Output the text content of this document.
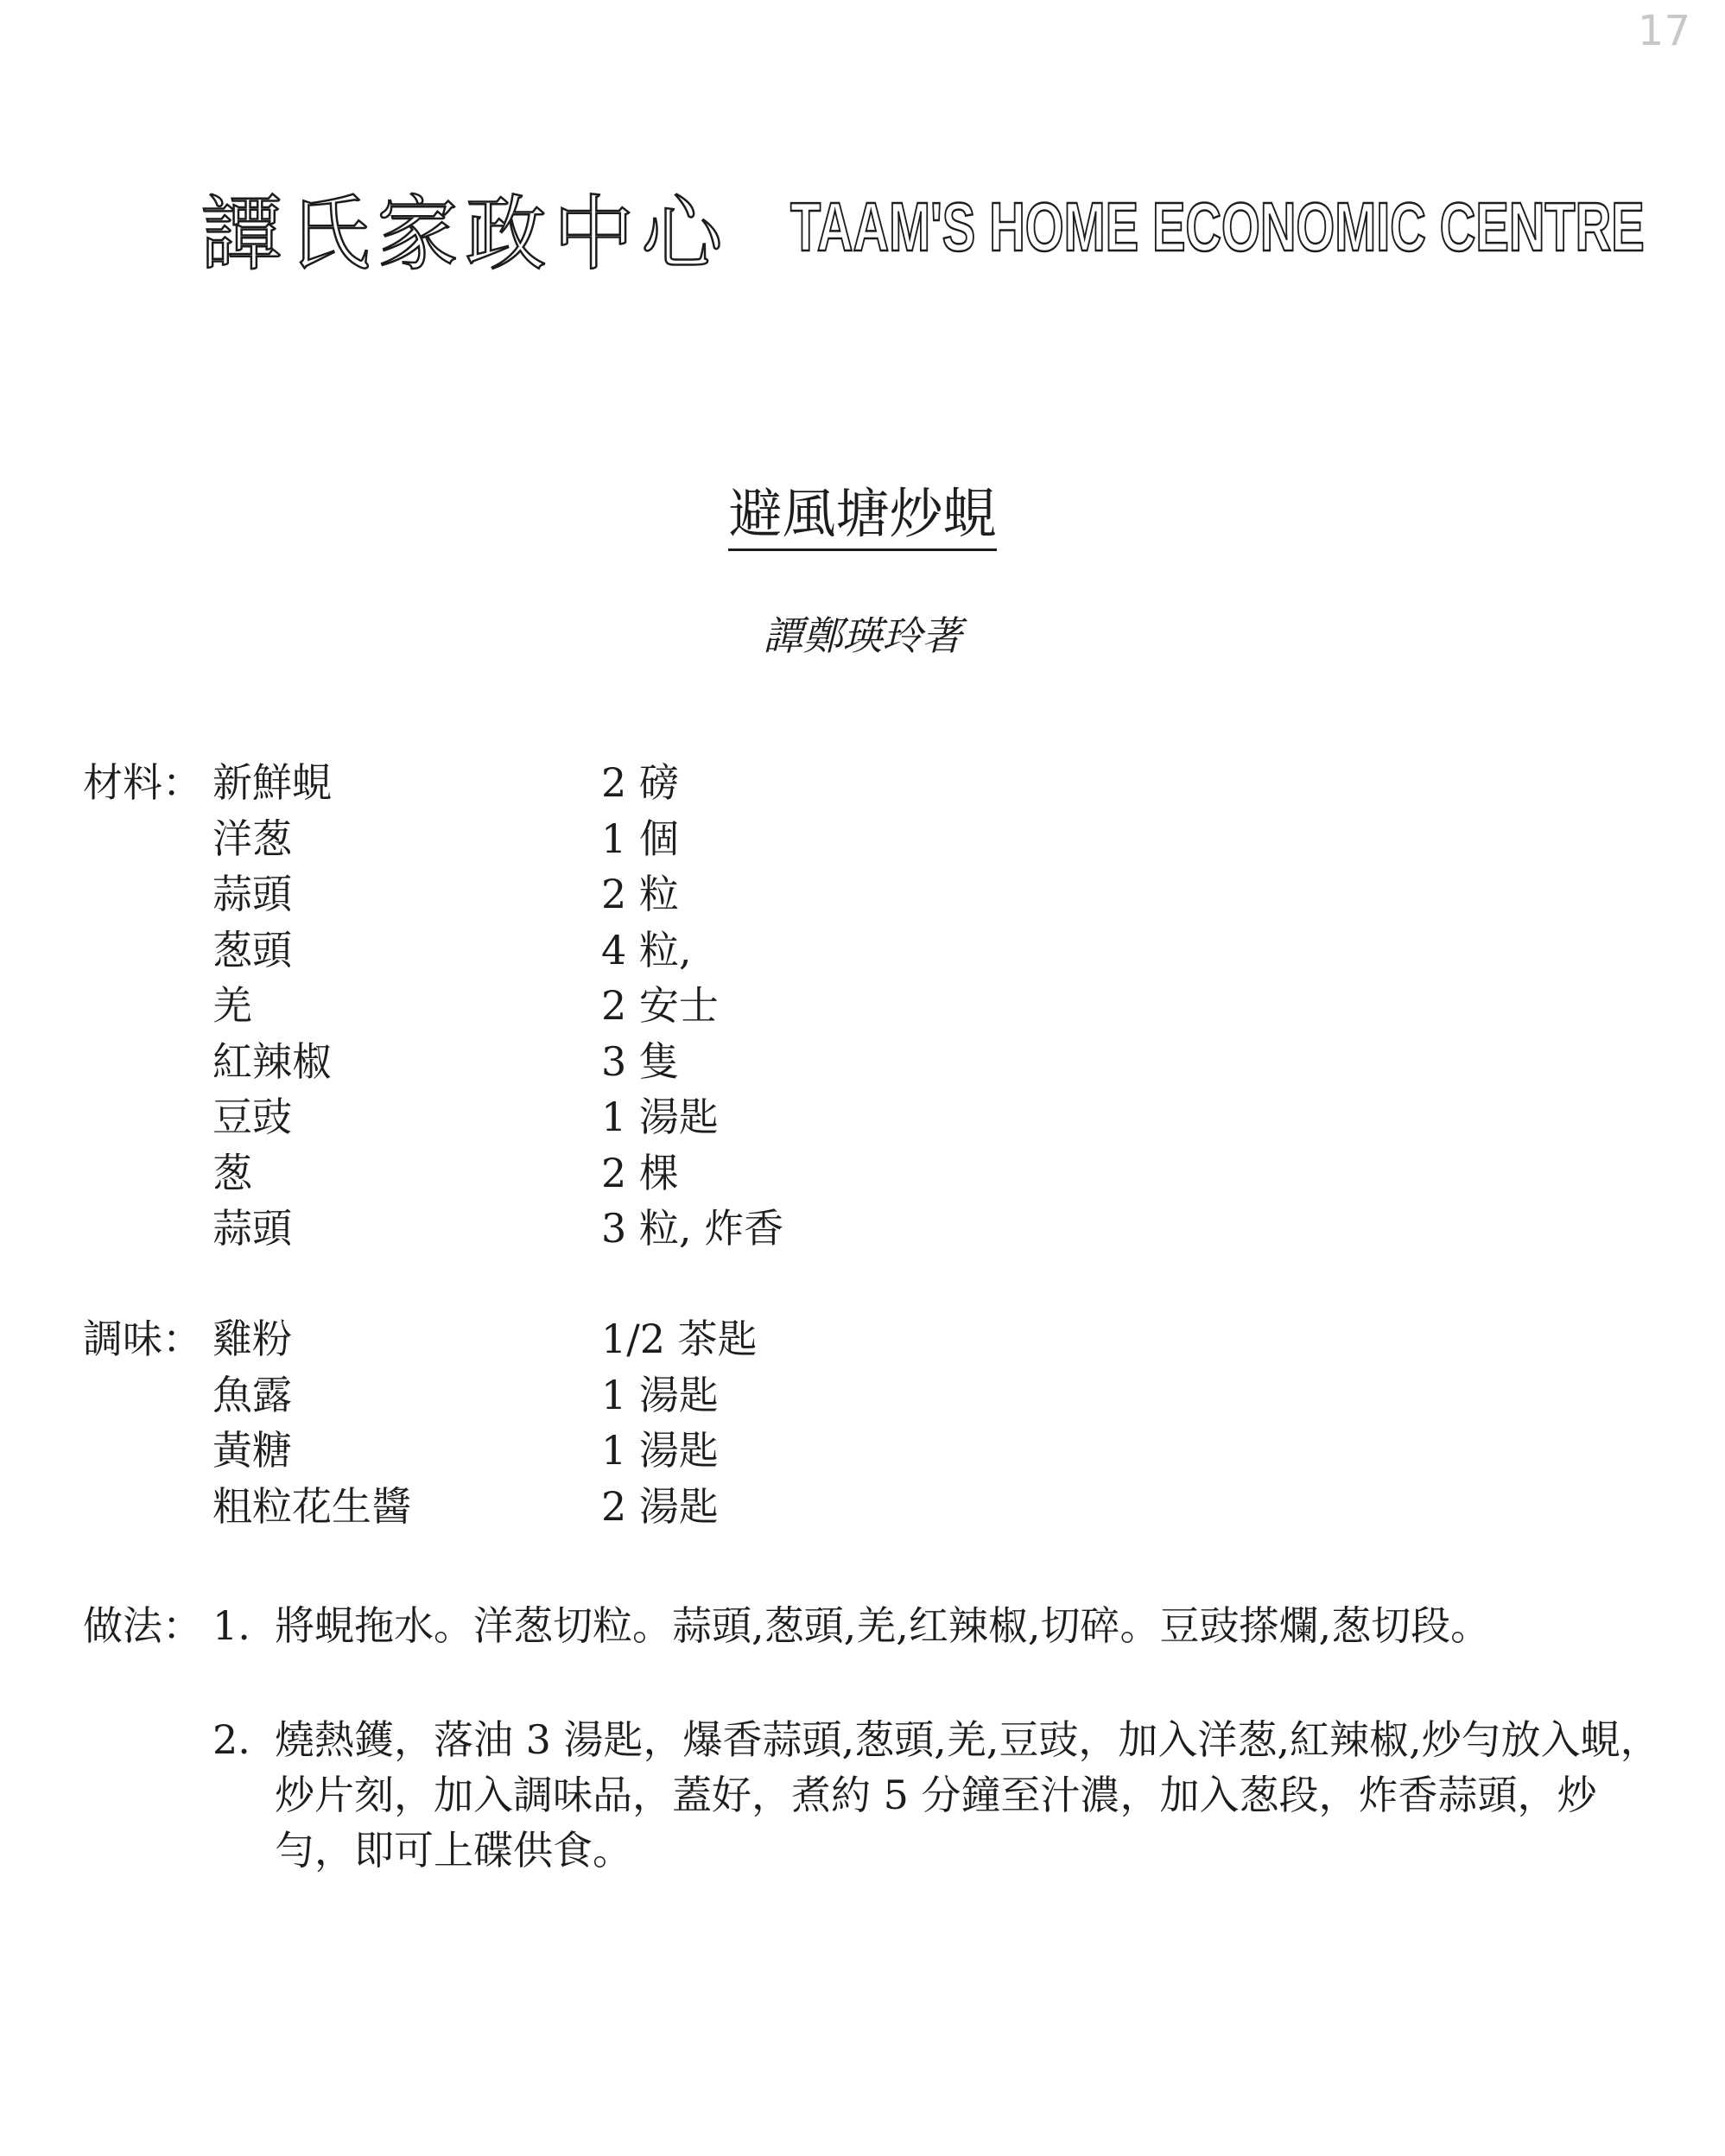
17
譚氏家政中心 TAAM'S HOME ECONOMIC CENTRE
避風塘炒蜆
譚鄭瑛玲著
材料： 新鮮蜆	2 磅
洋葱	1 個
蒜頭	2 粒
葱頭	4 粒,
羌	2 安士
紅辣椒	3 隻
豆豉	1 湯匙
葱	2 棵
蒜頭	3 粒, 炸香
調味： 雞粉	1/2 茶匙
魚露	1 湯匙
黃糖	1 湯匙
粗粒花生醬	2 湯匙
做法： 1. 將蜆拖水。洋葱切粒。蒜頭,葱頭,羌,红辣椒,切碎。豆豉搽爛,葱切段。
2. 燒熱鑊，落油 3 湯匙，爆香蒜頭,葱頭,羌,豆豉，加入洋葱,紅辣椒,炒勻放入蜆，炒片刻，加入調味品，蓋好，煮約 5 分鐘至汁濃，加入葱段，炸香蒜頭，炒勻，即可上碟供食。
